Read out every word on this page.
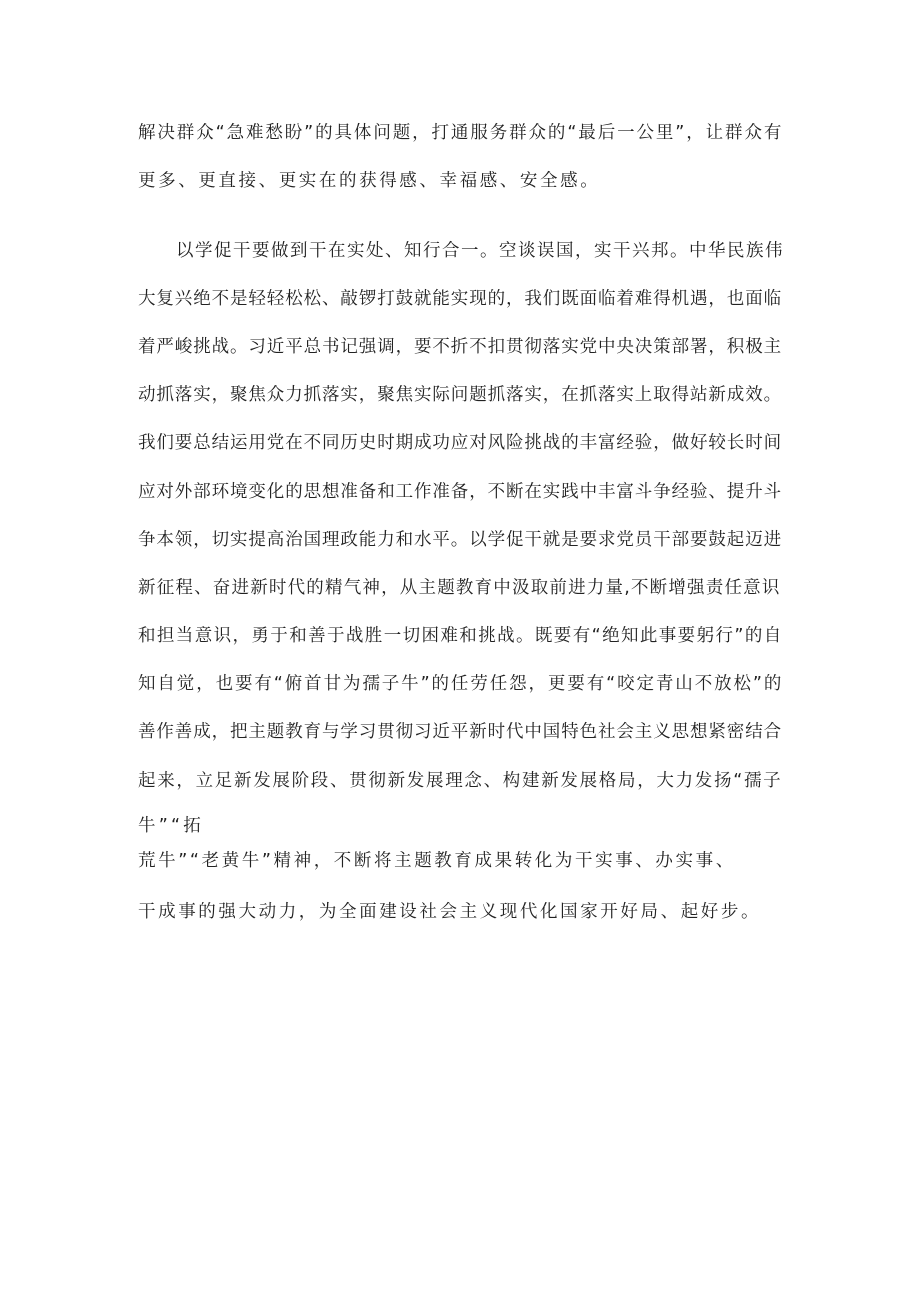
解决群众“急难愁盼”的具体问题，打通服务群众的“最后一公里”，让群众有
更多、更直接、更实在的获得感、幸福感、安全感。
以学促干要做到干在实处、知行合一。空谈误国，实干兴邦。中华民族伟
大复兴绝不是轻轻松松、敲锣打鼓就能实现的，我们既面临着难得机遇，也面临
着严峻挑战。习近平总书记强调，要不折不扣贯彻落实党中央决策部署，积极主
动抓落实，聚焦众力抓落实，聚焦实际问题抓落实，在抓落实上取得站新成效。
我们要总结运用党在不同历史时期成功应对风险挑战的丰富经验，做好较长时间
应对外部环境变化的思想准备和工作准备，不断在实践中丰富斗争经验、提升斗
争本领，切实提高治国理政能力和水平。以学促干就是要求党员干部要鼓起迈进
新征程、奋进新时代的精气神，从主题教育中汲取前进力量,不断增强责任意识
和担当意识，勇于和善于战胜一切困难和挑战。既要有“绝知此事要躬行”的自
知自觉，也要有“俯首甘为孺子牛”的任劳任怨，更要有“咬定青山不放松”的
善作善成，把主题教育与学习贯彻习近平新时代中国特色社会主义思想紧密结合
起来，立足新发展阶段、贯彻新发展理念、构建新发展格局，大力发扬“孺子
牛”“拓
荒牛”“老黄牛”精神，不断将主题教育成果转化为干实事、办实事、
干成事的强大动力，为全面建设社会主义现代化国家开好局、起好步。
